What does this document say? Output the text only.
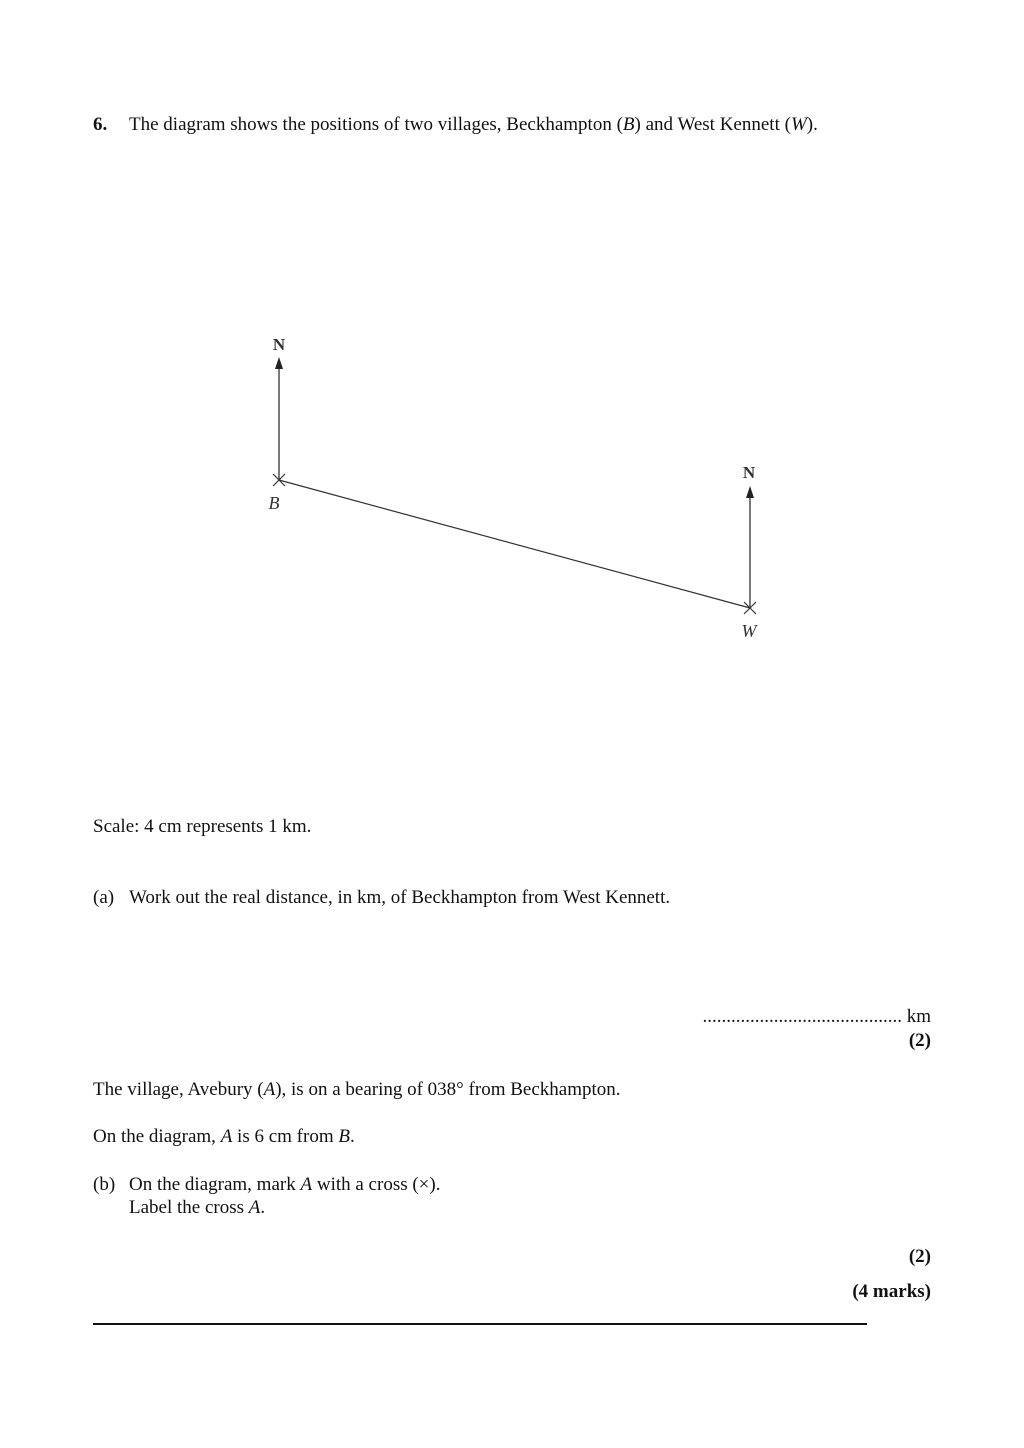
6. The diagram shows the positions of two villages, Beckhampton (B) and West Kennett (W).
N
N
B
W
Scale: 4 cm represents 1 km.
(a) Work out the real distance, in km, of Beckhampton from West Kennett.
.......................................... km
(2)
The village, Avebury (A), is on a bearing of 038° from Beckhampton.
On the diagram, A is 6 cm from B.
(b) On the diagram, mark A with a cross (×).
Label the cross A.
(2)
(4 marks)
